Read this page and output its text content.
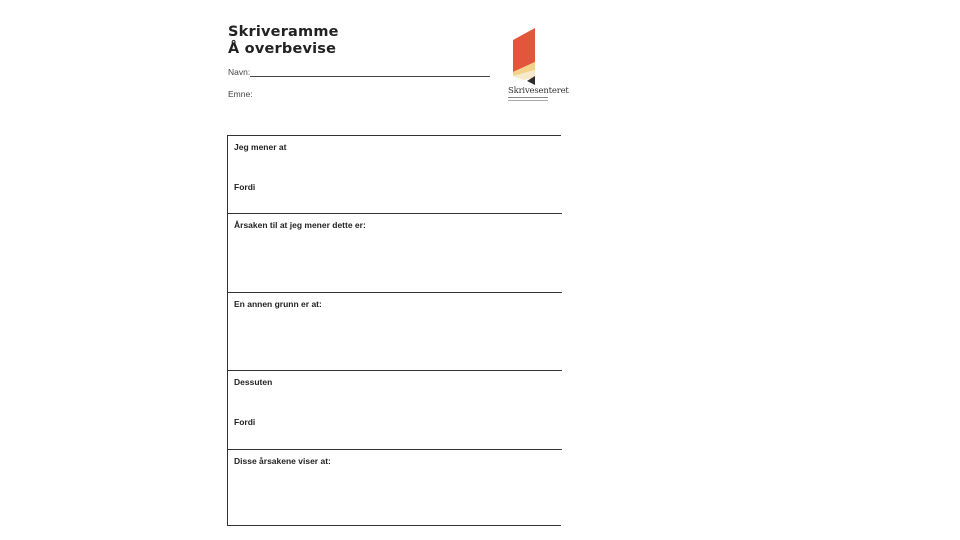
Skriveramme
Å overbevise
Navn:
Emne:	Skrivesenteret
Jeg mener at
Fordi
Årsaken til at jeg mener dette er:
En annen grunn er at:
Dessuten
Fordi
Disse årsakene viser at:
